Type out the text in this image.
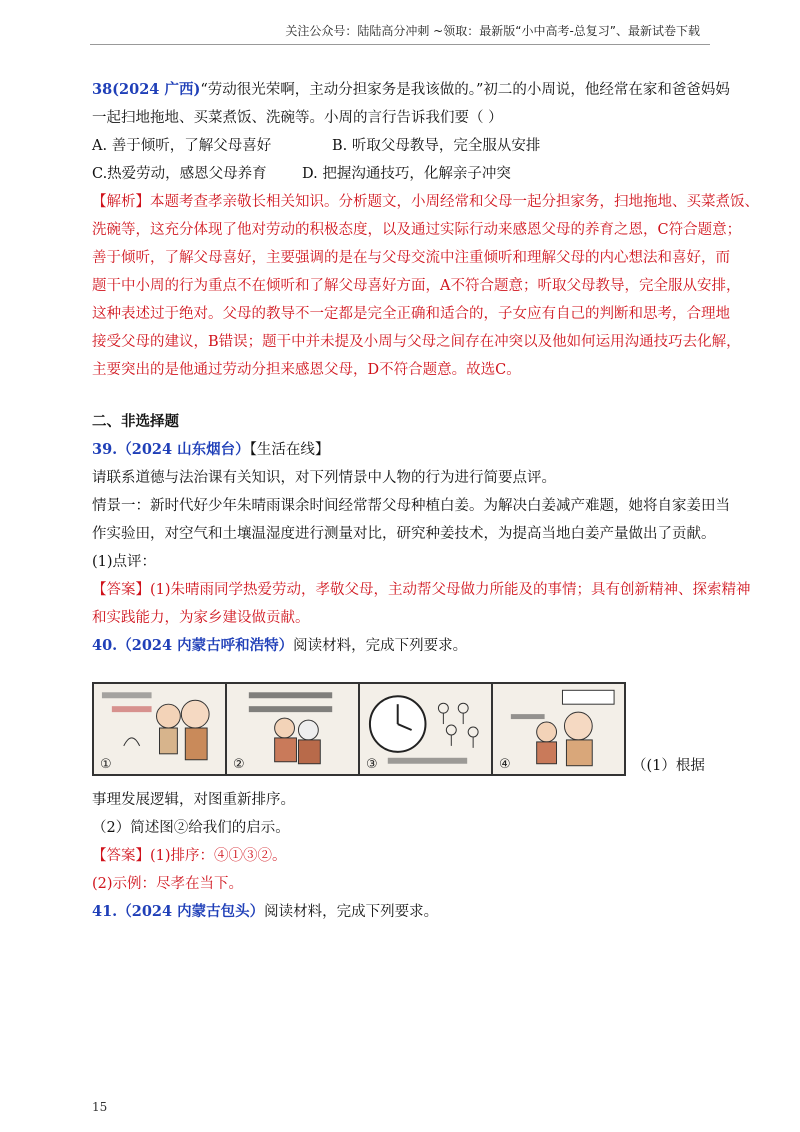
关注公众号：陆陆高分冲刺 ~领取：最新版“小中高考-总复习”、最新试卷下载

38(2024 广西)“劳动很光荣啊，主动分担家务是我该做的。”初二的小周说，他经常在家和爸爸妈妈

一起扫地拖地、买菜煮饭、洗碗等。小周的言行告诉我们要（ ）

A. 善于倾听，了解父母喜好	B. 听取父母教导，完全服从安排
C.热爱劳动，感恩父母养育	D. 把握沟通技巧，化解亲子冲突

【解析】本题考查孝亲敬长相关知识。分析题文，小周经常和父母一起分担家务，扫地拖地、买菜煮饭、

洗碗等，这充分体现了他对劳动的积极态度，以及通过实际行动来感恩父母的养育之恩，C符合题意；

善于倾听，了解父母喜好，主要强调的是在与父母交流中注重倾听和理解父母的内心想法和喜好，而

题干中小周的行为重点不在倾听和了解父母喜好方面，A不符合题意；听取父母教导，完全服从安排，

这种表述过于绝对。父母的教导不一定都是完全正确和适合的，子女应有自己的判断和思考，合理地

接受父母的建议，B错误；题干中并未提及小周与父母之间存在冲突以及他如何运用沟通技巧去化解，

主要突出的是他通过劳动分担来感恩父母，D不符合题意。故选C。

二、非选择题

39.（2024 山东烟台）【生活在线】

请联系道德与法治课有关知识，对下列情景中人物的行为进行简要点评。

情景一：新时代好少年朱晴雨课余时间经常帮父母种植白姜。为解决白姜减产难题，她将自家姜田当

作实验田，对空气和土壤温湿度进行测量对比，研究种姜技术，为提高当地白姜产量做出了贡献。

(1)点评：

【答案】(1)朱晴雨同学热爱劳动，孝敬父母，主动帮父母做力所能及的事情；具有创新精神、探索精神

和实践能力，为家乡建设做贡献。

40.（2024 内蒙古呼和浩特）阅读材料，完成下列要求。

①	②	③	④	（(1）根据

事理发展逻辑，对图重新排序。

（2）简述图②给我们的启示。

【答案】(1)排序：④①③②。

(2)示例：尽孝在当下。

41.（2024 内蒙古包头）阅读材料，完成下列要求。

15
